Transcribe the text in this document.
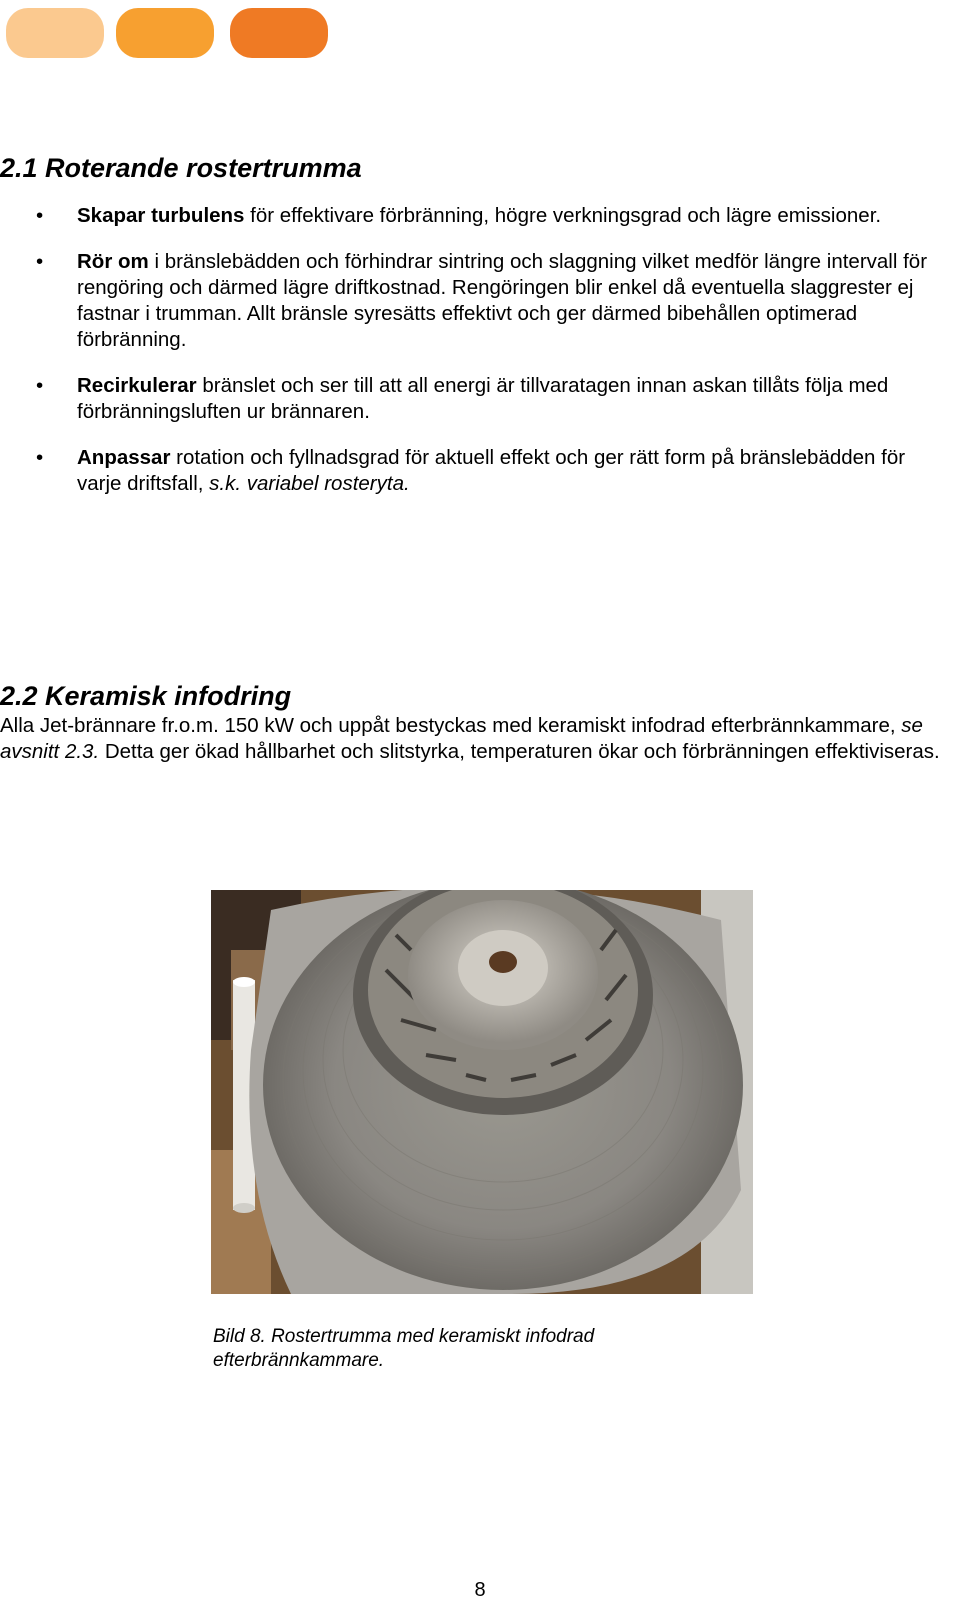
2.1 Roterande rostertrumma
• Skapar turbulens för effektivare förbränning, högre verkningsgrad och lägre emissioner.
• Rör om i bränslebädden och förhindrar sintring och slaggning vilket medför längre intervall för rengöring och därmed lägre driftkostnad. Rengöringen blir enkel då eventuella slaggrester ej fastnar i trumman. Allt bränsle syresätts effektivt och ger därmed bibehållen optimerad förbränning.
• Recirkulerar bränslet och ser till att all energi är tillvaratagen innan askan tillåts följa med förbränningsluften ur brännaren.
• Anpassar rotation och fyllnadsgrad för aktuell effekt och ger rätt form på bränslebädden för varje driftsfall, s.k. variabel rosteryta.
2.2 Keramisk infodring

Alla Jet-brännare fr.o.m. 150 kW och uppåt bestyckas med keramiskt infodrad efterbrännkammare, se avsnitt 2.3. Detta ger ökad hållbarhet och slitstyrka, temperaturen ökar och förbränningen effektiviseras.

Bild 8. Rostertrumma med keramiskt infodrad efterbrännkammare.

8
